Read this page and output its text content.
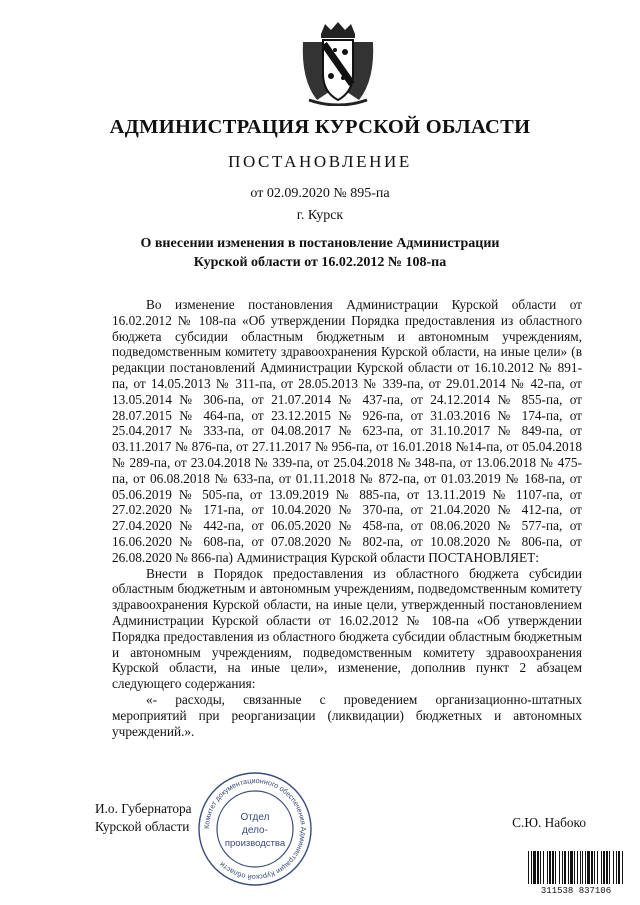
АДМИНИСТРАЦИЯ КУРСКОЙ ОБЛАСТИ
ПОСТАНОВЛЕНИЕ
от 02.09.2020 № 895-па
г. Курск
О внесении изменения в постановление Администрации
Курской области от 16.02.2012 № 108-па

Во изменение постановления Администрации Курской области от 16.02.2012 № 108-па «Об утверждении Порядка предоставления из областного бюджета субсидии областным бюджетным и автономным учреждениям, подведомственным комитету здравоохранения Курской области, на иные цели» (в редакции постановлений Администрации Курской области от 16.10.2012 № 891-па, от 14.05.2013 № 311-па, от 28.05.2013 № 339-па, от 29.01.2014 № 42-па, от 13.05.2014 № 306-па, от 21.07.2014 № 437-па, от 24.12.2014 № 855-па, от 28.07.2015 № 464-па, от 23.12.2015 № 926-па, от 31.03.2016 № 174-па, от 25.04.2017 № 333-па, от 04.08.2017 № 623-па, от 31.10.2017 № 849-па, от 03.11.2017 № 876-па, от 27.11.2017 № 956-па, от 16.01.2018 №14-па, от 05.04.2018 № 289-па, от 23.04.2018 № 339-па, от 25.04.2018 № 348-па, от 13.06.2018 № 475-па, от 06.08.2018 № 633-па, от 01.11.2018 № 872-па, от 01.03.2019 № 168-па, от 05.06.2019 № 505-па, от 13.09.2019 № 885-па, от 13.11.2019 № 1107-па, от 27.02.2020 № 171-па, от 10.04.2020 № 370-па, от 21.04.2020 № 412-па, от 27.04.2020 № 442-па, от 06.05.2020 № 458-па, от 08.06.2020 № 577-па, от 16.06.2020 № 608-па, от 07.08.2020 № 802-па, от 10.08.2020 № 806-па, от 26.08.2020 № 866-па) Администрация Курской области ПОСТАНОВЛЯЕТ:

Внести в Порядок предоставления из областного бюджета субсидии областным бюджетным и автономным учреждениям, подведомственным комитету здравоохранения Курской области, на иные цели, утвержденный постановлением Администрации Курской области от 16.02.2012 № 108-па «Об утверждении Порядка предоставления из областного бюджета субсидии областным бюджетным и автономным учреждениям, подведомственным комитету здравоохранения Курской области, на иные цели», изменение, дополнив пункт 2 абзацем следующего содержания:

«- расходы, связанные с проведением организационно-штатных мероприятий при реорганизации (ликвидации) бюджетных и автономных учреждений.».

И.о. Губернатора
Курской области	С.Ю. Набоко
Комитет документационного обеспечения Администрации Курской области
Отдел
дело-
производства
311538 837106
